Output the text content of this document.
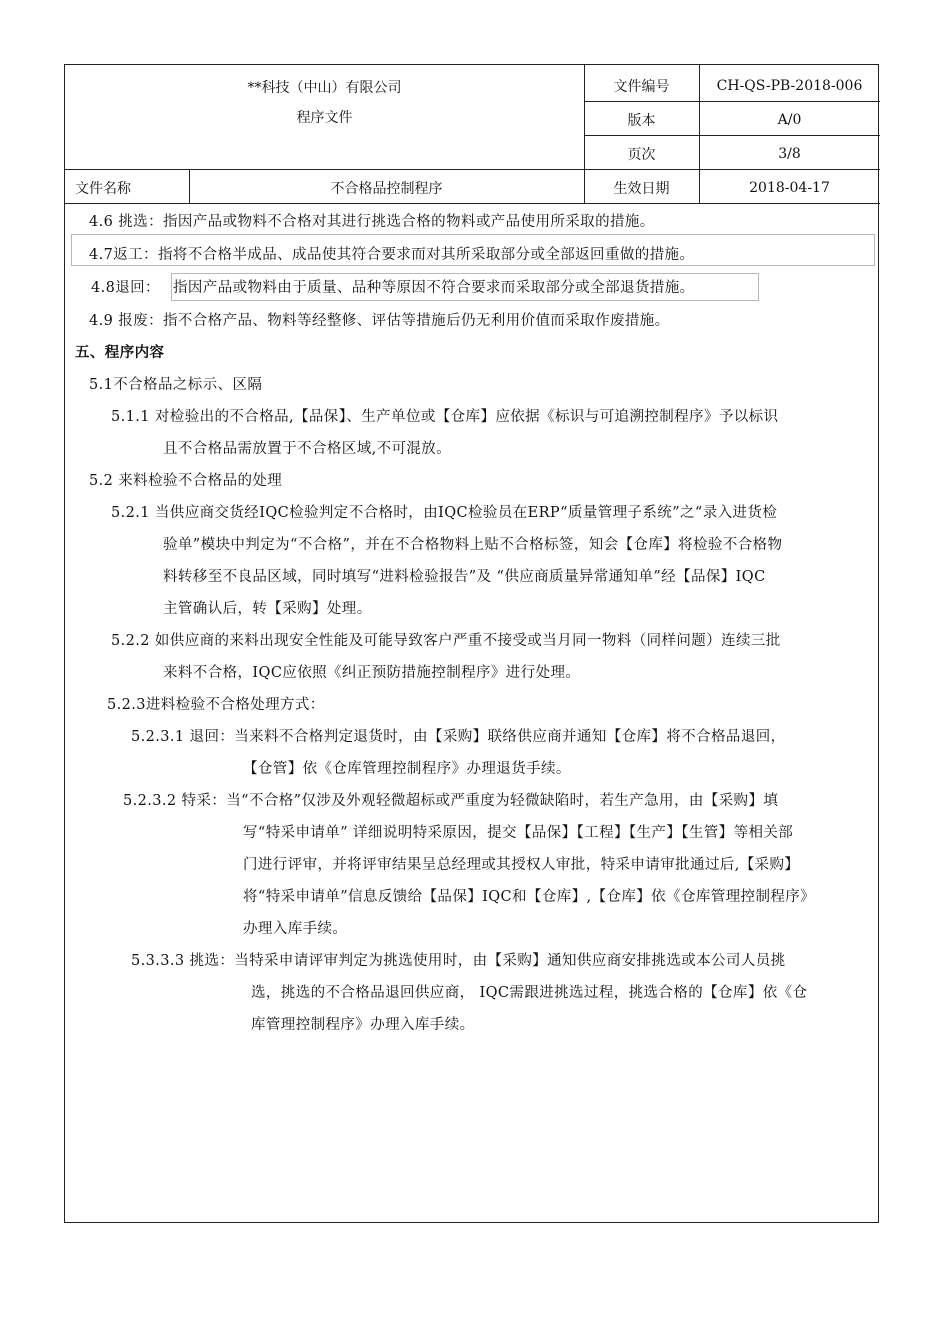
**科技（中山）有限公司
程序文件
文件编号	CH-QS-PB-2018-006
版本	A/0
页次	3/8
文件名称	不合格品控制程序	生效日期	2018-04-17
4.6 挑选：指因产品或物料不合格对其进行挑选合格的物料或产品使用所采取的措施。
4.7返工：指将不合格半成品、成品使其符合要求而对其所采取部分或全部返回重做的措施。
4.8退回： 指因产品或物料由于质量、品种等原因不符合要求而采取部分或全部退货措施。
4.9 报废：指不合格产品、物料等经整修、评估等措施后仍无利用价值而采取作废措施。
五、程序内容
5.1不合格品之标示、区隔
5.1.1 对检验出的不合格品,【品保】、生产单位或【仓库】应依据《标识与可追溯控制程序》予以标识
且不合格品需放置于不合格区域,不可混放。
5.2 来料检验不合格品的处理
5.2.1 当供应商交货经IQC检验判定不合格时，由IQC检验员在ERP“质量管理子系统”之“录入进货检
验单”模块中判定为“不合格”，并在不合格物料上贴不合格标签，知会【仓库】将检验不合格物
料转移至不良品区域，同时填写“进料检验报告”及 “供应商质量异常通知单”经【品保】IQC
主管确认后，转【采购】处理。
5.2.2 如供应商的来料出现安全性能及可能导致客户严重不接受或当月同一物料（同样问题）连续三批
来料不合格，IQC应依照《纠正预防措施控制程序》进行处理。
5.2.3进料检验不合格处理方式：
5.2.3.1 退回：当来料不合格判定退货时，由【采购】联络供应商并通知【仓库】将不合格品退回，
【仓管】依《仓库管理控制程序》办理退货手续。
5.2.3.2 特采：当“不合格”仅涉及外观轻微超标或严重度为轻微缺陷时，若生产急用，由【采购】填
写“特采申请单” 详细说明特采原因，提交【品保】【工程】【生产】【生管】等相关部
门进行评审，并将评审结果呈总经理或其授权人审批，特采申请审批通过后,【采购】
将“特采申请单”信息反馈给【品保】IQC和【仓库】,【仓库】依《仓库管理控制程序》
办理入库手续。
5.3.3.3 挑选：当特采申请评审判定为挑选使用时，由【采购】通知供应商安排挑选或本公司人员挑
选，挑选的不合格品退回供应商， IQC需跟进挑选过程，挑选合格的【仓库】依《仓
库管理控制程序》办理入库手续。
